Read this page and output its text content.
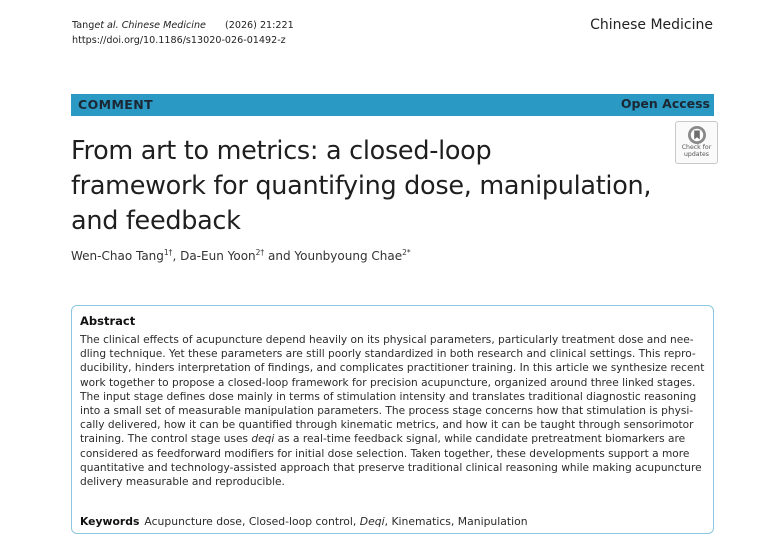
Tanget al. Chinese Medicine (2026) 21:221
https://doi.org/10.1186/s13020-026-01492-z
Chinese Medicine
COMMENT	Open Access
From art to metrics: a closed-loop
framework for quantifying dose, manipulation,
and feedback
Check for
updates
Wen-Chao Tang$^{1\dagger}$, Da-Eun Yoon$^{2\dagger}$ and Younbyoung Chae$^{2*}$
Abstract
The clinical effects of acupuncture depend heavily on its physical parameters, particularly treatment dose and nee-
dling technique. Yet these parameters are still poorly standardized in both research and clinical settings. This repro-
ducibility, hinders interpretation of findings, and complicates practitioner training. In this article we synthesize recent
work together to propose a closed-loop framework for precision acupuncture, organized around three linked stages.
The input stage defines dose mainly in terms of stimulation intensity and translates traditional diagnostic reasoning
into a small set of measurable manipulation parameters. The process stage concerns how that stimulation is physi-
cally delivered, how it can be quantified through kinematic metrics, and how it can be taught through sensorimotor
training. The control stage uses deqi as a real-time feedback signal, while candidate pretreatment biomarkers are
considered as feedforward modifiers for initial dose selection. Taken together, these developments support a more
quantitative and technology-assisted approach that preserve traditional clinical reasoning while making acupuncture
delivery measurable and reproducible.
Keywords Acupuncture dose, Closed-loop control, Deqi, Kinematics, Manipulation
